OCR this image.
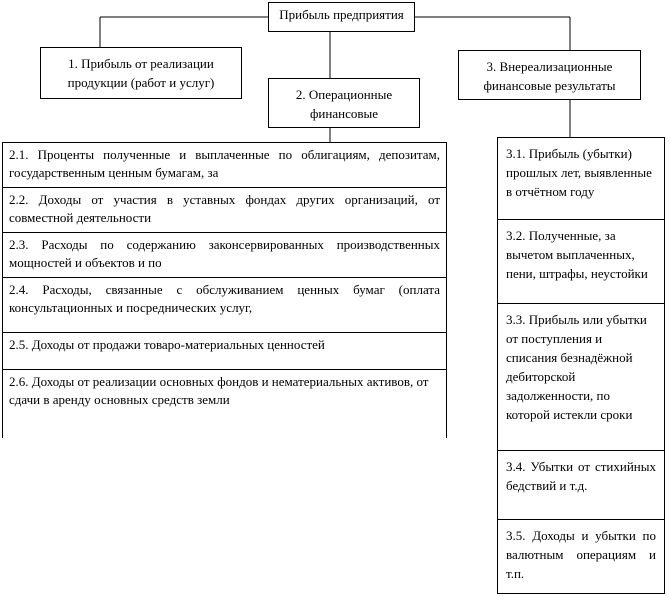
Прибыль предприятия
1. Прибыль от реализации продукции (работ и услуг)
2. Операционные финансовые
3. Внереализационные финансовые результаты
2.1. Проценты полученные и выплаченные по облигациям, депозитам, государственным ценным бумагам, за
2.2. Доходы от участия в уставных фондах других организаций, от совместной деятельности
2.3. Расходы по содержанию законсервированных производственных мощностей и объектов и по
2.4. Расходы, связанные с обслуживанием ценных бумаг (оплата консультационных и посреднических услуг,
2.5. Доходы от продажи товаро-материальных ценностей
2.6. Доходы от реализации основных фондов и нематериальных активов, от сдачи в аренду основных средств земли
3.1. Прибыль (убытки) прошлых лет, выявленные в отчётном году
3.2. Полученные, за вычетом выплаченных, пени, штрафы, неустойки
3.3. Прибыль или убытки от поступления и списания безнадёжной дебиторской задолженности, по которой истекли сроки
3.4. Убытки от стихийных бедствий и т.д.
3.5. Доходы и убытки по валютным операциям и т.п.
